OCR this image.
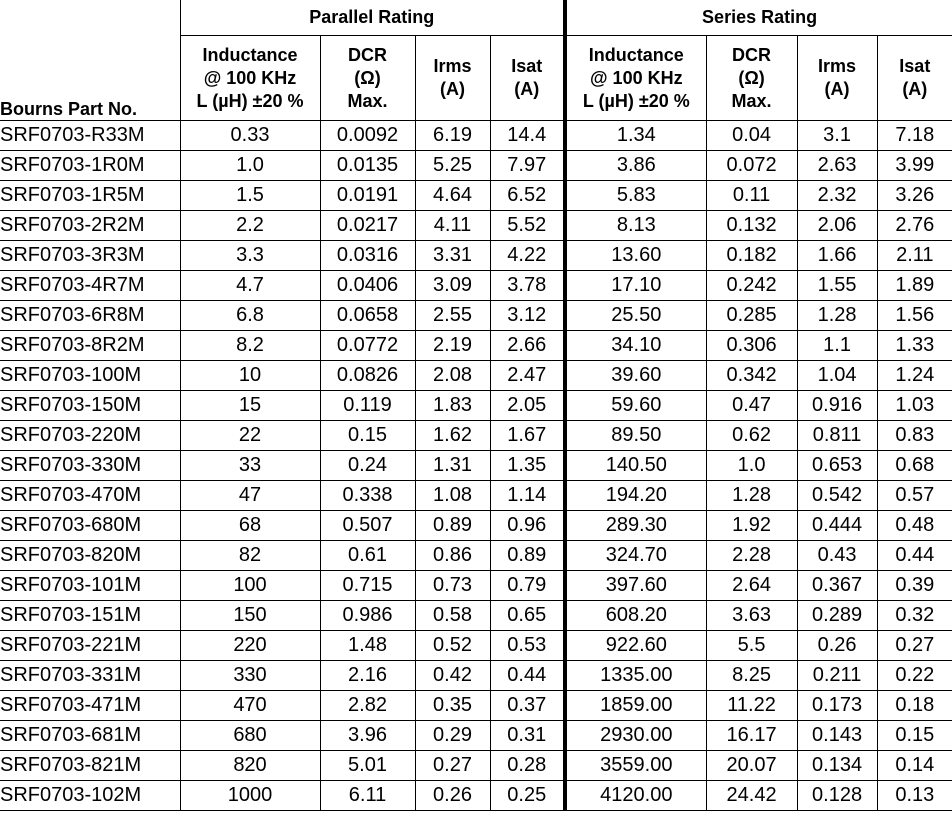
Bourns Part No.	Parallel Rating				Series Rating			

	Inductance
@ 100 KHz
L (µH) ±20 %	DCR
(Ω)
Max.	Irms
(A)	Isat
(A)	Inductance
@ 100 KHz
L (µH) ±20 %	DCR
(Ω)
Max.	Irms
(A)	Isat
(A)

SRF0703-R33M	0.33	0.0092	6.19	14.4	1.34	0.04	3.1	7.18
SRF0703-1R0M	1.0	0.0135	5.25	7.97	3.86	0.072	2.63	3.99
SRF0703-1R5M	1.5	0.0191	4.64	6.52	5.83	0.11	2.32	3.26
SRF0703-2R2M	2.2	0.0217	4.11	5.52	8.13	0.132	2.06	2.76
SRF0703-3R3M	3.3	0.0316	3.31	4.22	13.60	0.182	1.66	2.11
SRF0703-4R7M	4.7	0.0406	3.09	3.78	17.10	0.242	1.55	1.89
SRF0703-6R8M	6.8	0.0658	2.55	3.12	25.50	0.285	1.28	1.56
SRF0703-8R2M	8.2	0.0772	2.19	2.66	34.10	0.306	1.1	1.33
SRF0703-100M	10	0.0826	2.08	2.47	39.60	0.342	1.04	1.24
SRF0703-150M	15	0.119	1.83	2.05	59.60	0.47	0.916	1.03
SRF0703-220M	22	0.15	1.62	1.67	89.50	0.62	0.811	0.83
SRF0703-330M	33	0.24	1.31	1.35	140.50	1.0	0.653	0.68
SRF0703-470M	47	0.338	1.08	1.14	194.20	1.28	0.542	0.57
SRF0703-680M	68	0.507	0.89	0.96	289.30	1.92	0.444	0.48
SRF0703-820M	82	0.61	0.86	0.89	324.70	2.28	0.43	0.44
SRF0703-101M	100	0.715	0.73	0.79	397.60	2.64	0.367	0.39
SRF0703-151M	150	0.986	0.58	0.65	608.20	3.63	0.289	0.32
SRF0703-221M	220	1.48	0.52	0.53	922.60	5.5	0.26	0.27
SRF0703-331M	330	2.16	0.42	0.44	1335.00	8.25	0.211	0.22
SRF0703-471M	470	2.82	0.35	0.37	1859.00	11.22	0.173	0.18
SRF0703-681M	680	3.96	0.29	0.31	2930.00	16.17	0.143	0.15
SRF0703-821M	820	5.01	0.27	0.28	3559.00	20.07	0.134	0.14
SRF0703-102M	1000	6.11	0.26	0.25	4120.00	24.42	0.128	0.13
